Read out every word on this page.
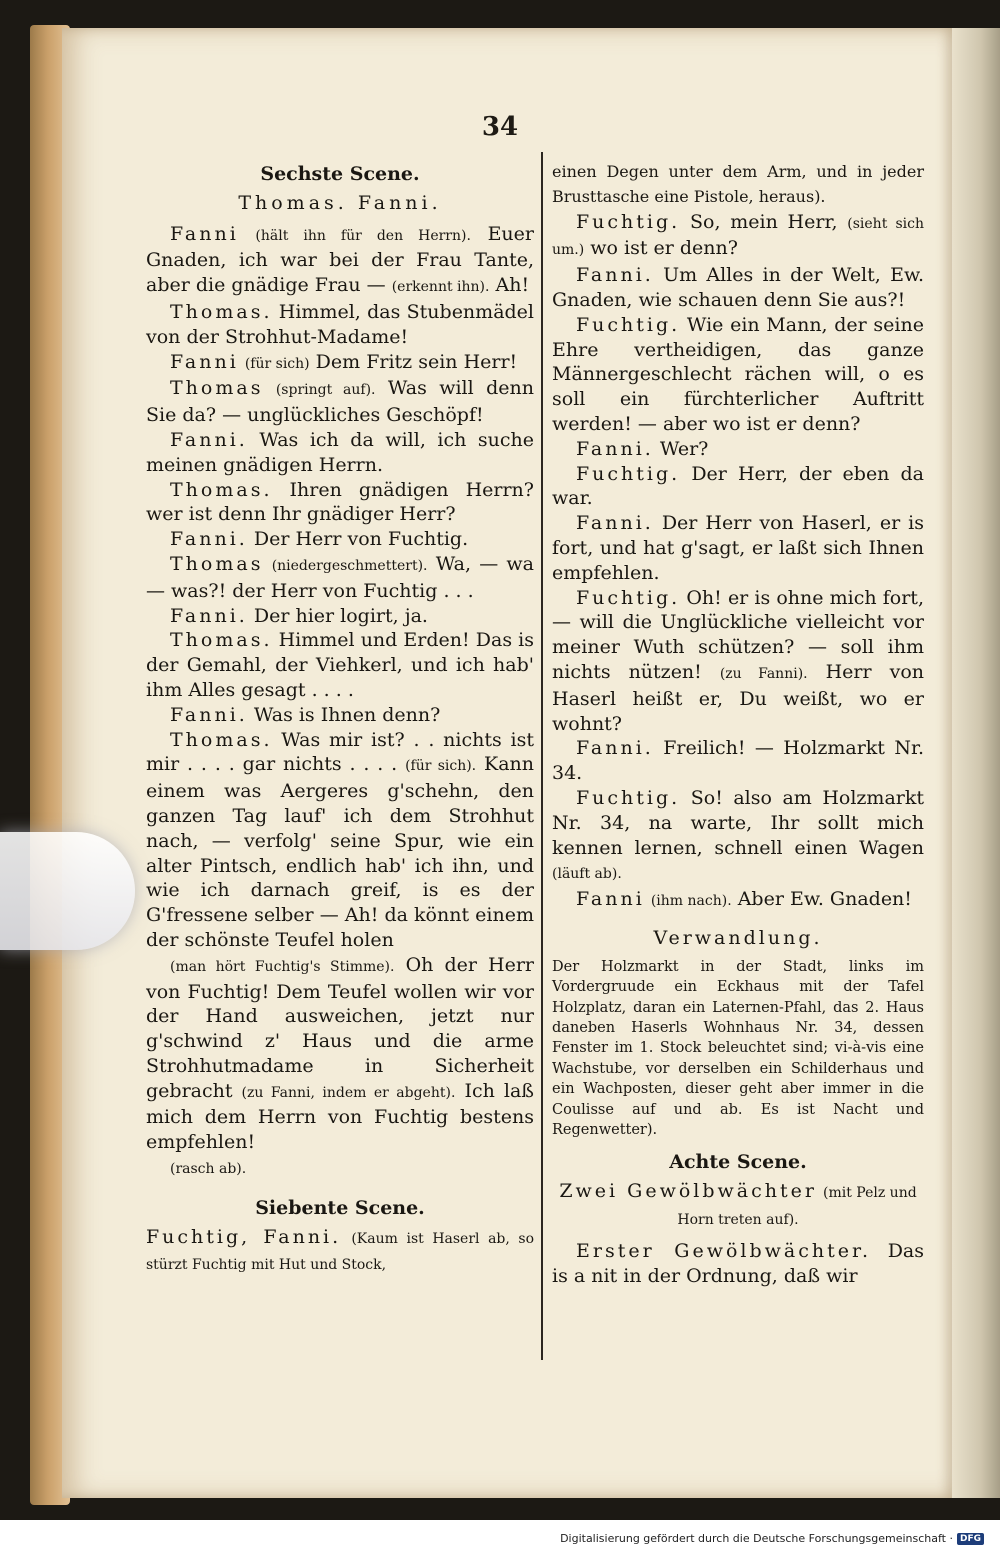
34
Sechste Scene.
Thomas. Fanni.

Fanni (hält ihn für den Herrn). Euer Gnaden, ich war bei der Frau Tante, aber die gnädige Frau — (erkennt ihn). Ah!

Thomas. Himmel, das Stubenmädel von der Strohhut-Madame!

Fanni (für sich) Dem Fritz sein Herr!

Thomas (springt auf). Was will denn Sie da? — unglückliches Geschöpf!

Fanni. Was ich da will, ich suche meinen gnädigen Herrn.

Thomas. Ihren gnädigen Herrn? wer ist denn Ihr gnädiger Herr?

Fanni. Der Herr von Fuchtig.

Thomas (niedergeschmettert). Wa, — wa — was?! der Herr von Fuchtig . . .

Fanni. Der hier logirt, ja.

Thomas. Himmel und Erden! Das is der Gemahl, der Viehkerl, und ich hab' ihm Alles gesagt . . . .

Fanni. Was is Ihnen denn?

Thomas. Was mir ist? . . nichts ist mir . . . . gar nichts . . . . (für sich). Kann einem was Aergeres g'schehn, den ganzen Tag lauf' ich dem Strohhut nach, — verfolg' seine Spur, wie ein alter Pintsch, endlich hab' ich ihn, und wie ich darnach greif, is es der G'fressene selber — Ah! da könnt einem der schönste Teufel holen

(man hört Fuchtig's Stimme). Oh der Herr von Fuchtig! Dem Teufel wollen wir vor der Hand ausweichen, jetzt nur g'schwind z' Haus und die arme Strohhutmadame in Sicherheit gebracht (zu Fanni, indem er abgeht). Ich laß mich dem Herrn von Fuchtig bestens empfehlen!

(rasch ab).

Siebente Scene.

Fuchtig, Fanni. (Kaum ist Haserl ab, so stürzt Fuchtig mit Hut und Stock,

einen Degen unter dem Arm, und in jeder Brusttasche eine Pistole, heraus).

Fuchtig. So, mein Herr, (sieht sich um.) wo ist er denn?

Fanni. Um Alles in der Welt, Ew. Gnaden, wie schauen denn Sie aus?!

Fuchtig. Wie ein Mann, der seine Ehre vertheidigen, das ganze Männergeschlecht rächen will, o es soll ein fürchterlicher Auftritt werden! — aber wo ist er denn?

Fanni. Wer?

Fuchtig. Der Herr, der eben da war.

Fanni. Der Herr von Haserl, er is fort, und hat g'sagt, er laßt sich Ihnen empfehlen.

Fuchtig. Oh! er is ohne mich fort, — will die Unglückliche vielleicht vor meiner Wuth schützen? — soll ihm nichts nützen! (zu Fanni). Herr von Haserl heißt er, Du weißt, wo er wohnt?

Fanni. Freilich! — Holzmarkt Nr. 34.

Fuchtig. So! also am Holzmarkt Nr. 34, na warte, Ihr sollt mich kennen lernen, schnell einen Wagen (läuft ab).

Fanni (ihm nach). Aber Ew. Gnaden!

Verwandlung.

Der Holzmarkt in der Stadt, links im Vordergruude ein Eckhaus mit der Tafel Holzplatz, daran ein Laternen-Pfahl, das 2. Haus daneben Haserls Wohnhaus Nr. 34, dessen Fenster im 1. Stock beleuchtet sind; vi-à-vis eine Wachstube, vor derselben ein Schilderhaus und ein Wachposten, dieser geht aber immer in die Coulisse auf und ab. Es ist Nacht und Regenwetter).

Achte Scene.
Zwei Gewölbwächter (mit Pelz und Horn treten auf).

Erster Gewölbwächter. Das is a nit in der Ordnung, daß wir

Digitalisierung gefördert durch die Deutsche Forschungsgemeinschaft · DFG
